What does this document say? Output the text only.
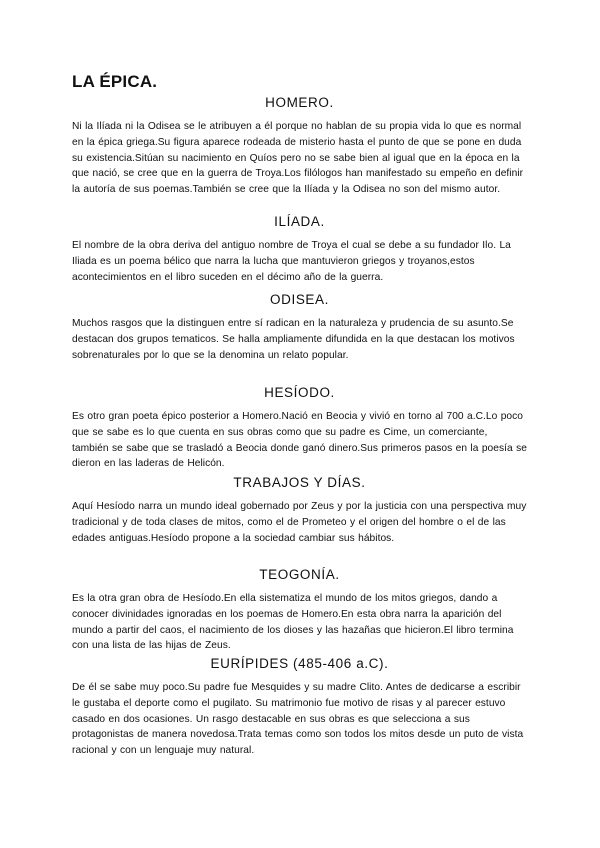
LA ÉPICA.
HOMERO.

Ni la Ilíada ni la Odisea se le atribuyen a él porque no hablan de su propia vida lo que es normal en la épica griega.Su figura aparece rodeada de misterio hasta el punto de que se pone en duda su existencia.Sitúan su nacimiento en Quíos pero no se sabe bien al igual que en la época en la que nació, se cree que en la guerra de Troya.Los filólogos han manifestado su empeño en definir la autoría de sus poemas.También se cree que la Ilíada y la Odisea no son del mismo autor.

ILÍADA.

El nombre de la obra deriva del antiguo nombre de Troya el cual se debe a su fundador Ilo. La Iliada es un poema bélico que narra la lucha que mantuvieron griegos y troyanos,estos acontecimientos en el libro suceden en el décimo año de la guerra.

ODISEA.

Muchos rasgos que la distinguen entre sí radican en la naturaleza y prudencia de su asunto.Se destacan dos grupos tematicos. Se halla ampliamente difundida en la que destacan los motivos sobrenaturales por lo que se la denomina un relato popular.

HESÍODO.

Es otro gran poeta épico posterior a Homero.Nació en Beocia y vivió en torno al 700 a.C.Lo poco que se sabe es lo que cuenta en sus obras como que su padre es Cime, un comerciante, también se sabe que se trasladó a Beocia donde ganó dinero.Sus primeros pasos en la poesía se dieron en las laderas de Helicón.

TRABAJOS Y DÍAS.

Aquí Hesíodo narra un mundo ideal gobernado por Zeus y por la justicia con una perspectiva muy tradicional y de toda clases de mitos, como el de Prometeo y el origen del hombre o el de las edades antiguas.Hesíodo propone a la sociedad cambiar sus hábitos.

TEOGONÍA.

Es la otra gran obra de Hesíodo.En ella sistematiza el mundo de los mitos griegos, dando a conocer divinidades ignoradas en los poemas de Homero.En esta obra narra la aparición del mundo a partir del caos, el nacimiento de los dioses y las hazañas que hicieron.El libro termina con una lista de las hijas de Zeus.

EURÍPIDES (485-406 a.C).

De él se sabe muy poco.Su padre fue Mesquides y su madre Clito. Antes de dedicarse a escribir le gustaba el deporte como el pugilato. Su matrimonio fue motivo de risas y al parecer estuvo casado en dos ocasiones. Un rasgo destacable en sus obras es que selecciona a sus protagonistas de manera novedosa.Trata temas como son todos los mitos desde un puto de vista racional y con un lenguaje muy natural.
